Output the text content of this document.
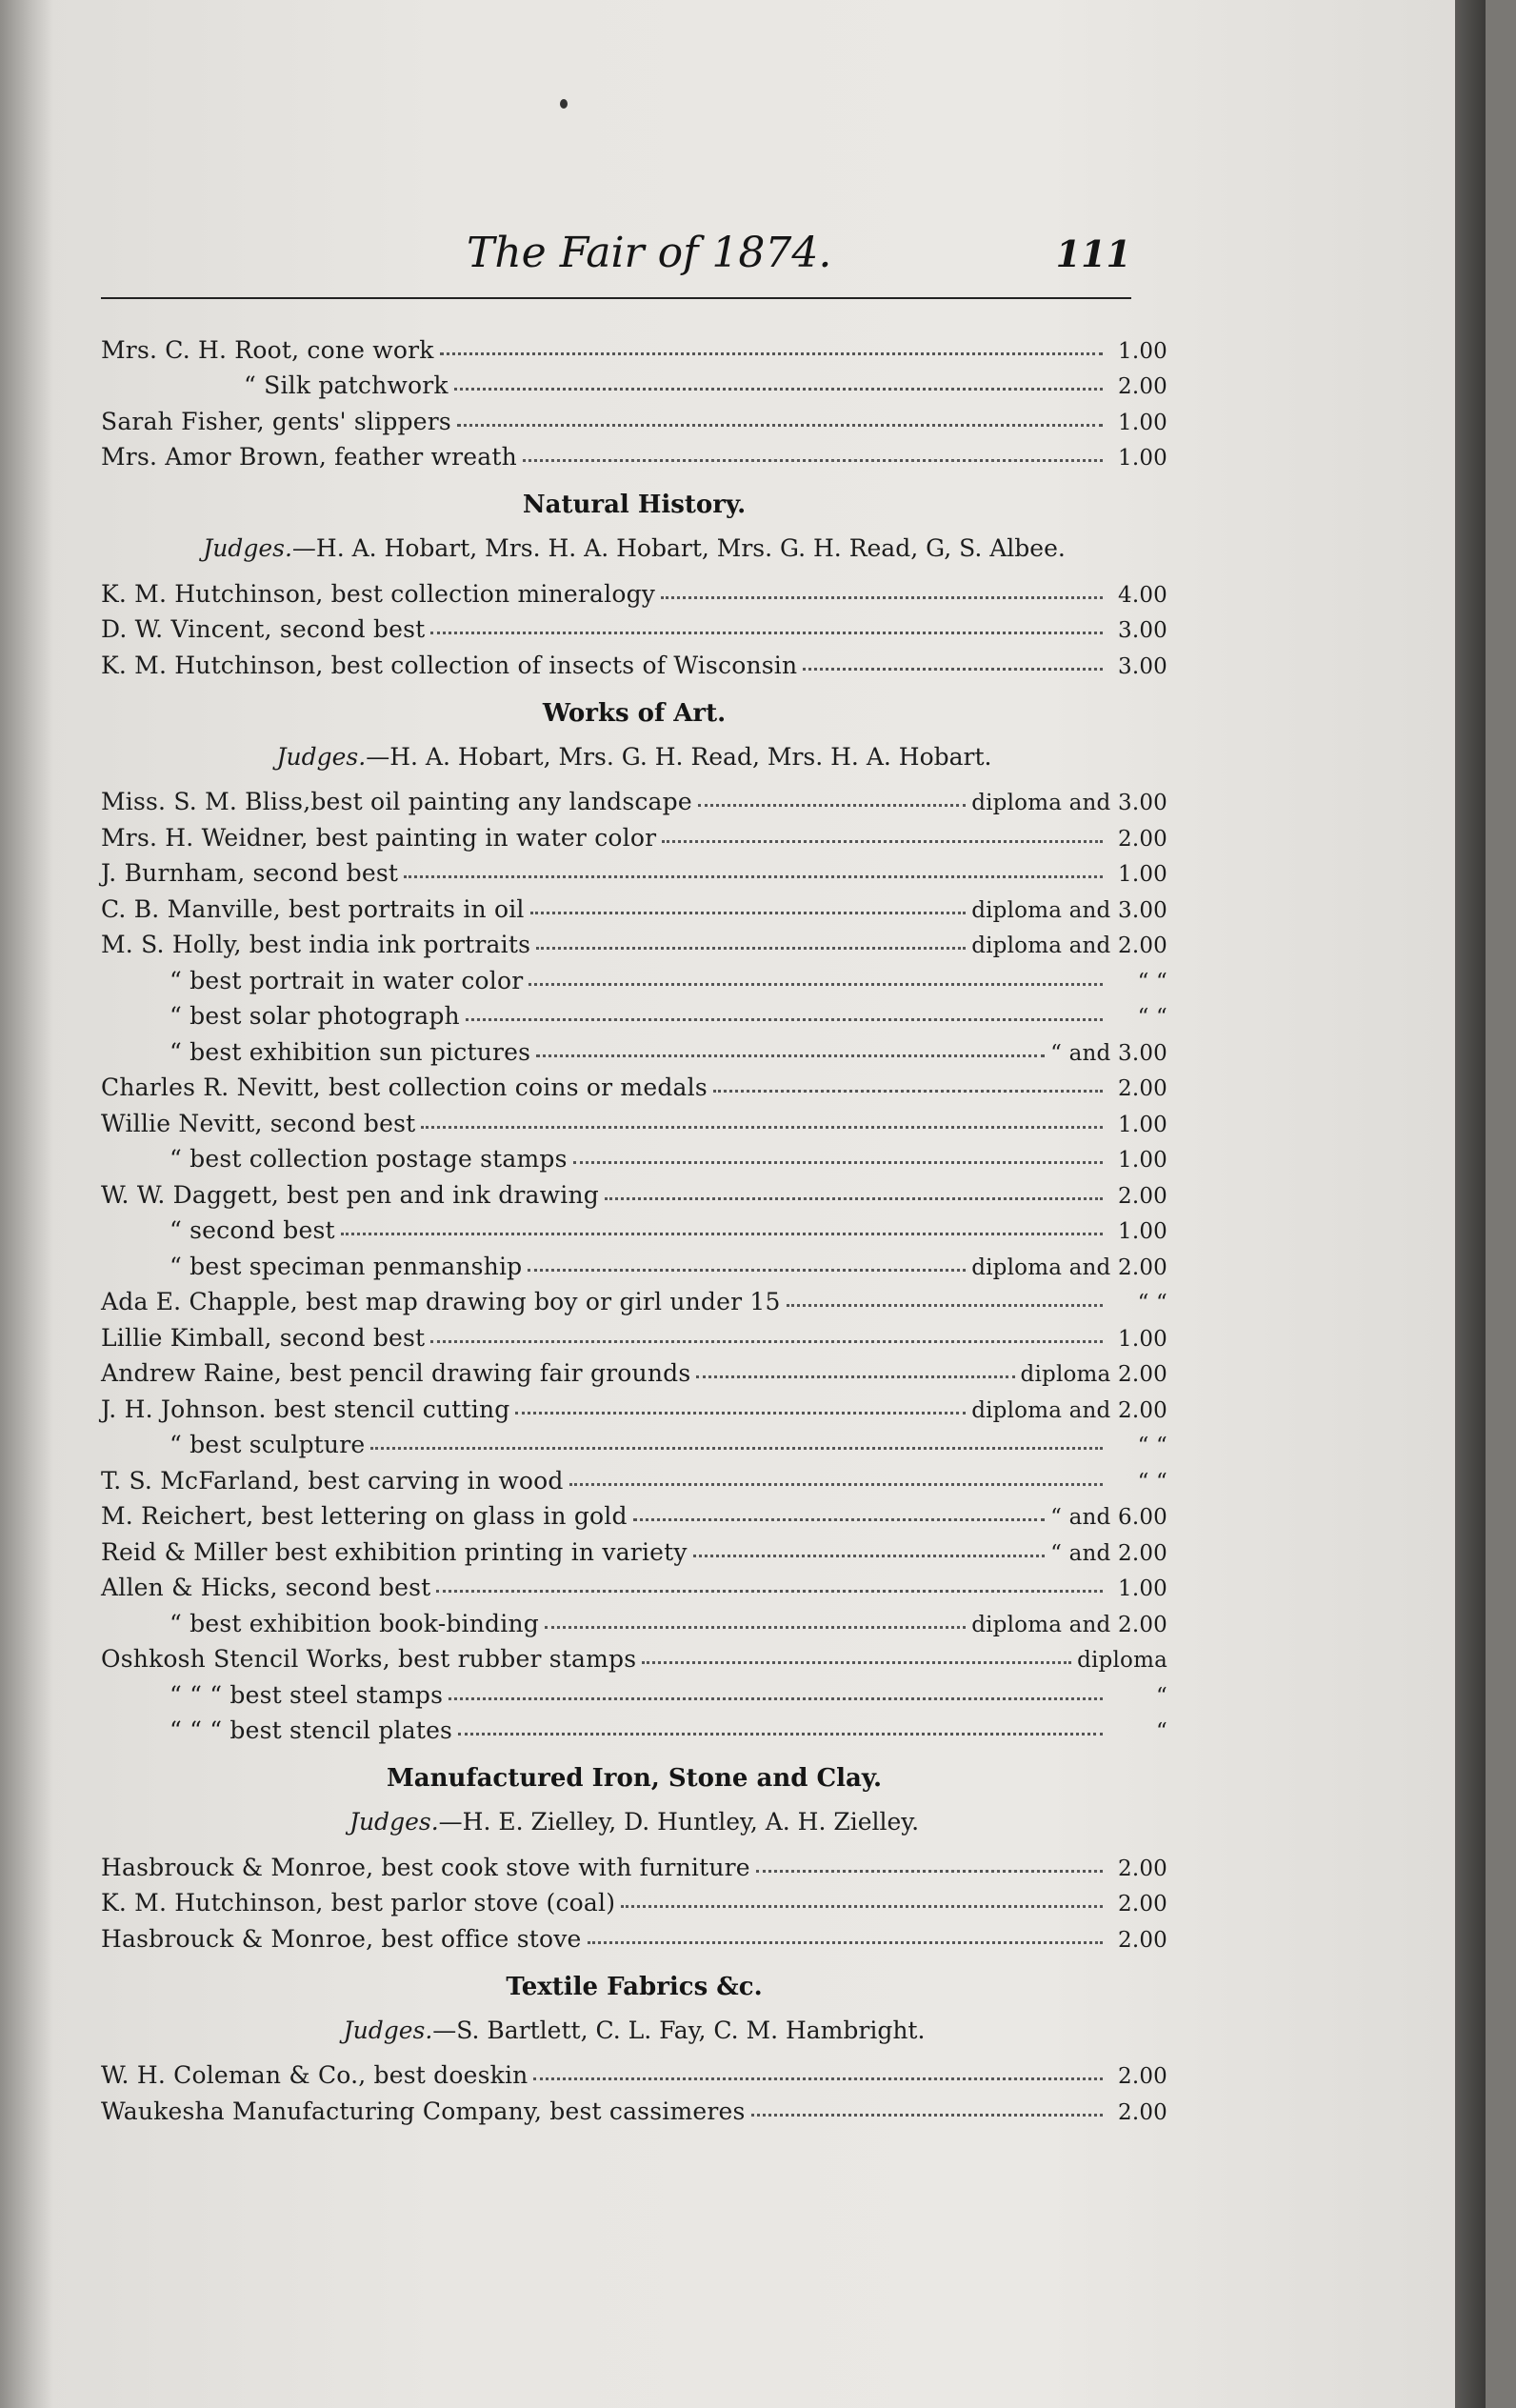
The Fair of 1874.	111
Mrs. C. H. Root, cone work	1.00
“ Silk patchwork	2.00
Sarah Fisher, gents' slippers	1.00
Mrs. Amor Brown, feather wreath	1.00
Natural History.
Judges.—H. A. Hobart, Mrs. H. A. Hobart, Mrs. G. H. Read, G, S. Albee.
K. M. Hutchinson, best collection mineralogy	4.00
D. W. Vincent, second best	3.00
K. M. Hutchinson, best collection of insects of Wisconsin	3.00
Works of Art.
Judges.—H. A. Hobart, Mrs. G. H. Read, Mrs. H. A. Hobart.
Miss. S. M. Bliss,best oil painting any landscape	diploma and 3.00
Mrs. H. Weidner, best painting in water color	2.00
J. Burnham, second best	1.00
C. B. Manville, best portraits in oil	diploma and 3.00
M. S. Holly, best india ink portraits	diploma and 2.00
“ best portrait in water color	“ “
“ best solar photograph	“ “
“ best exhibition sun pictures	“ and 3.00
Charles R. Nevitt, best collection coins or medals	2.00
Willie Nevitt, second best	1.00
“ best collection postage stamps	1.00
W. W. Daggett, best pen and ink drawing	2.00
“ second best	1.00
“ best speciman penmanship	diploma and 2.00
Ada E. Chapple, best map drawing boy or girl under 15	“ “
Lillie Kimball, second best	1.00
Andrew Raine, best pencil drawing fair grounds	diploma 2.00
J. H. Johnson. best stencil cutting	diploma and 2.00
“ best sculpture	“ “
T. S. McFarland, best carving in wood	“ “
M. Reichert, best lettering on glass in gold	“ and 6.00
Reid & Miller best exhibition printing in variety	“ and 2.00
Allen & Hicks, second best	1.00
“ best exhibition book-binding	diploma and 2.00
Oshkosh Stencil Works, best rubber stamps	diploma
“ “ “ best steel stamps	“
“ “ “ best stencil plates	“
Manufactured Iron, Stone and Clay.
Judges.—H. E. Zielley, D. Huntley, A. H. Zielley.
Hasbrouck & Monroe, best cook stove with furniture	2.00
K. M. Hutchinson, best parlor stove (coal)	2.00
Hasbrouck & Monroe, best office stove	2.00
Textile Fabrics &c.
Judges.—S. Bartlett, C. L. Fay, C. M. Hambright.
W. H. Coleman & Co., best doeskin	2.00
Waukesha Manufacturing Company, best cassimeres	2.00
